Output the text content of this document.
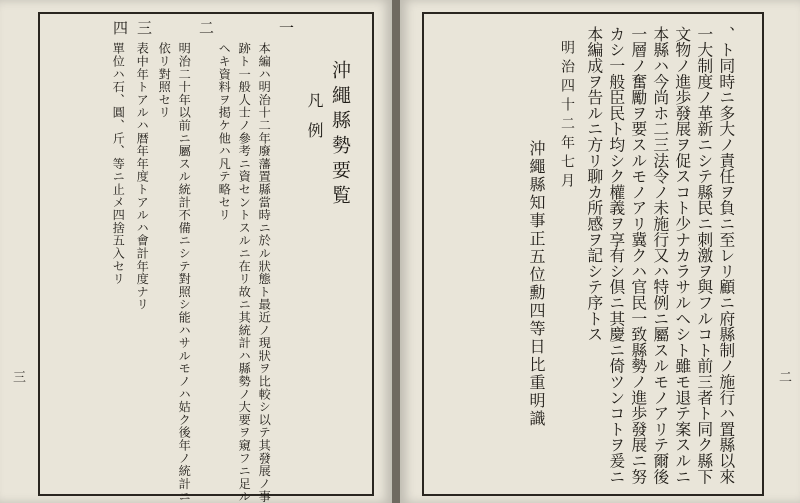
三

沖繩縣勢要覧
凡例
一
本編ハ明治十二年廢藩置縣當時ニ於ル狀態ト最近ノ現狀ヲ比較シ以テ其發展ノ事
跡ト一般人士ノ參考ニ資セントスルニ在リ故ニ其統計ハ縣勢ノ大要ヲ窺フニ足ル
ヘキ資料ヲ掲ケ他ハ凡テ略セリ
二
明治二十年以前ニ屬スル統計不備ニシテ對照シ能ハサルモノハ姑ク後年ノ統計ニ
依リ對照セリ
三
表中年トアルハ暦年年度トアルハ會計年度ナリ
四
單位ハ石、圓、斤、等ニ止メ四捨五入セリ
二
、ト同時ニ多大ノ責任ヲ負ニ至レリ顧ニ府縣制ノ施行ハ置縣以來
一大制度ノ革新ニシテ縣民ニ刺激ヲ與フルコト前三者ト同ク縣下
文物ノ進歩發展ヲ促スコト少ナカラサルヘシト雖モ退テ案スルニ
本縣ハ今尚ホ二三法令ノ未施行又ハ特例ニ屬スルモノアリテ爾後
一層ノ奮勵ヲ要スルモノアリ冀クハ官民一致縣勢ノ進歩發展ニ努
カシ一般臣民ト均シク權義ヲ享有シ倶ニ其慶ニ倚ツンコトヲ爰ニ
本編成ヲ告ルニ方リ聊カ所感ヲ記シテ序トス
明治四十二年七月
沖繩縣知事正五位勳四等日比重明識
